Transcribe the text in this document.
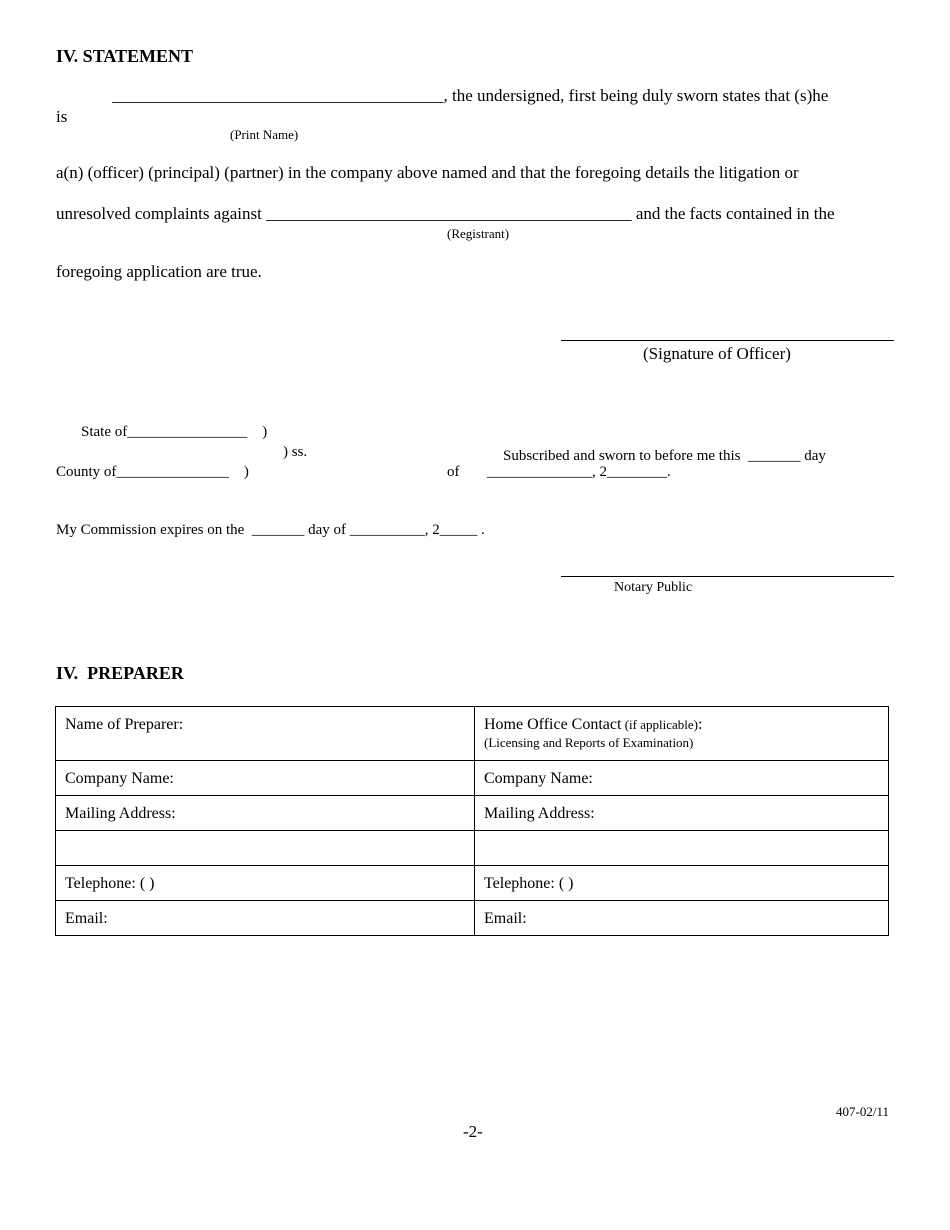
IV. STATEMENT
_______________________________________, the undersigned, first being duly sworn states that (s)he
is
(Print Name)
a(n) (officer) (principal) (partner) in the company above named and that the foregoing details the litigation or
unresolved complaints against ___________________________________________ and the facts contained in the
(Registrant)
foregoing application are true.
(Signature of Officer)
State of________________    )
) ss.
County of_______________    )	of
Subscribed and sworn to before me this  _______ day
______________, 2________.
My Commission expires on the  _______ day of __________, 2_____ .
Notary Public
IV.  PREPARER
Name of Preparer:	Home Office Contact (if applicable):
(Licensing and Reports of Examination)
Company Name:	Company Name:
Mailing Address:	Mailing Address:

Telephone: ( )	Telephone: ( )
Email:	Email:
407-02/11
-2-
